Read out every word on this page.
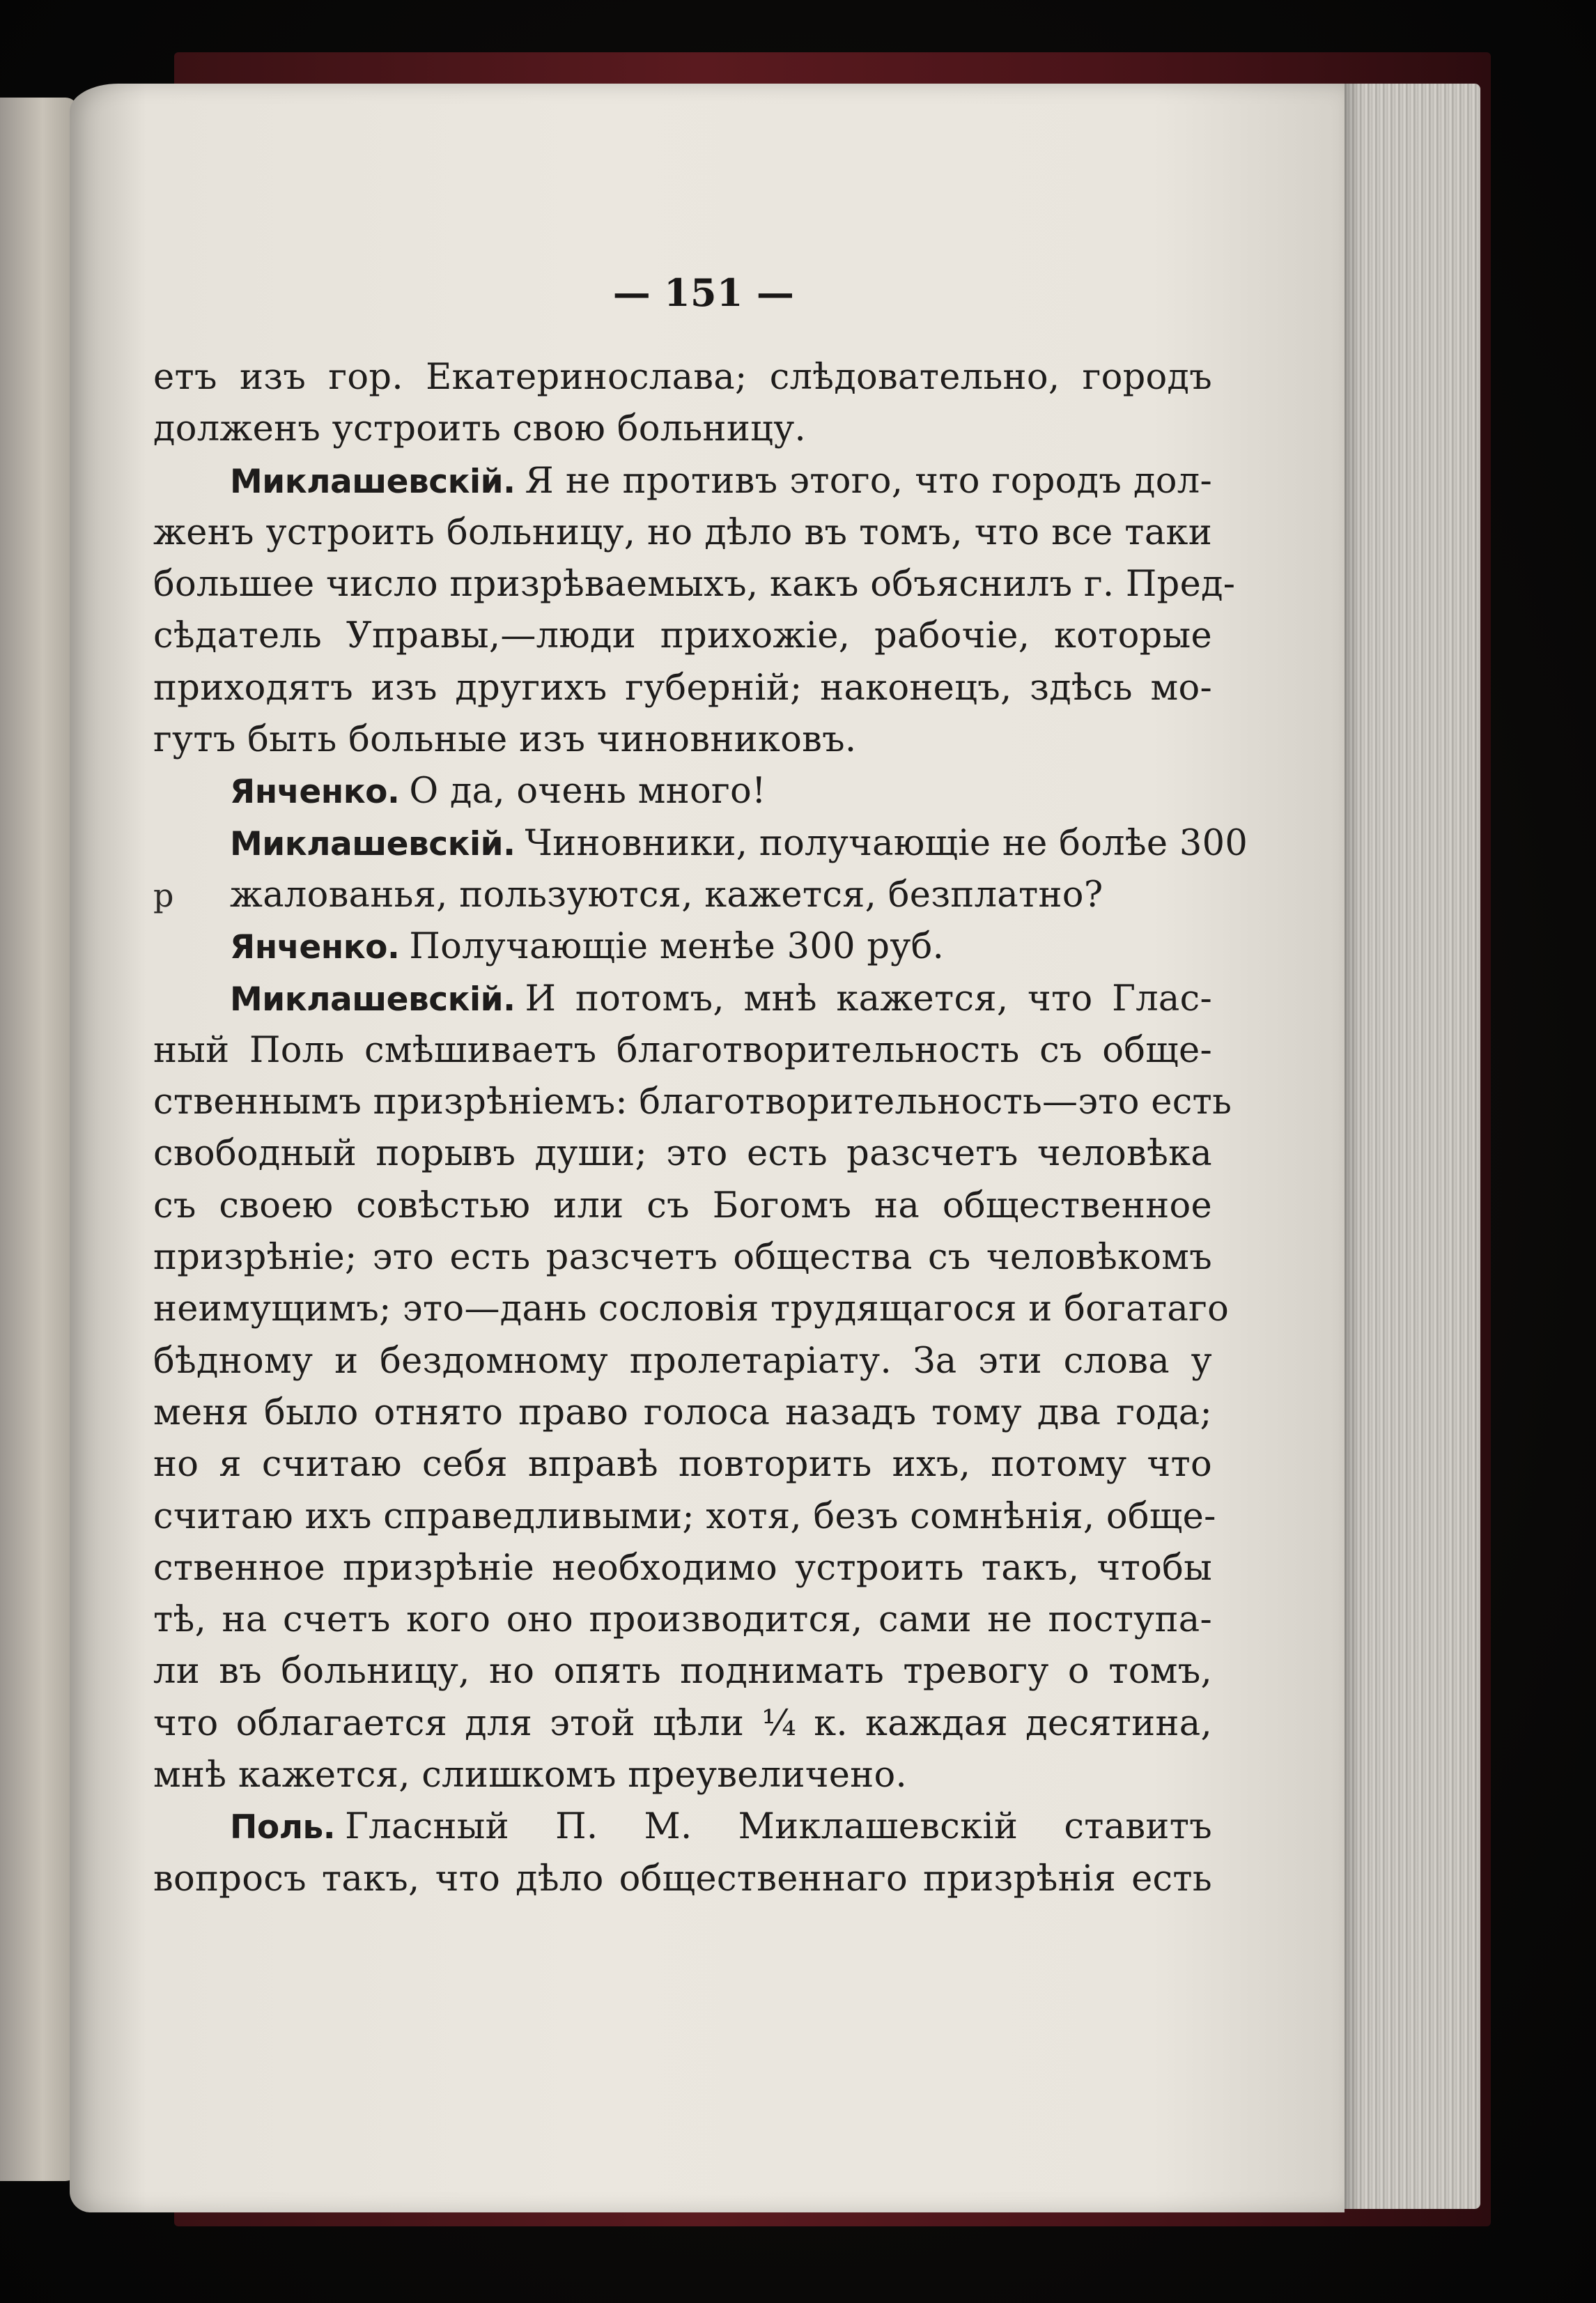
— 151 —
етъ изъ гор. Екатеринослава; слѣдовательно, городъ
долженъ устроить свою больницу.
Миклашевскій. Я не противъ этого, что городъ дол-
женъ устроить больницу, но дѣло въ томъ, что все таки
большее число призрѣваемыхъ, какъ объяснилъ г. Пред-
сѣдатель Управы,—люди прихожіе, рабочіе, которые
приходятъ изъ другихъ губерній; наконецъ, здѣсь мо-
гутъ быть больные изъ чиновниковъ.
Янченко. О да, очень много!
Миклашевскій. Чиновники, получающіе не болѣе 300
р жалованья, пользуются, кажется, безплатно?
Янченко. Получающіе менѣе 300 руб.
Миклашевскій. И потомъ, мнѣ кажется, что Глас-
ный Поль смѣшиваетъ благотворительность съ обще-
ственнымъ призрѣніемъ: благотворительность—это есть
свободный порывъ души; это есть разсчетъ человѣка
съ своею совѣстью или съ Богомъ на общественное
призрѣніе; это есть разсчетъ общества съ человѣкомъ
неимущимъ; это—дань сословія трудящагося и богатаго
бѣдному и бездомному пролетаріату. За эти слова у
меня было отнято право голоса назадъ тому два года;
но я считаю себя вправѣ повторить ихъ, потому что
считаю ихъ справедливыми; хотя, безъ сомнѣнія, обще-
ственное призрѣніе необходимо устроить такъ, чтобы
тѣ, на счетъ кого оно производится, сами не поступа-
ли въ больницу, но опять поднимать тревогу о томъ,
что облагается для этой цѣли ¼ к. каждая десятина,
мнѣ кажется, слишкомъ преувеличено.
Поль. Гласный П. М. Миклашевскій ставитъ
вопросъ такъ, что дѣло общественнаго призрѣнія есть
